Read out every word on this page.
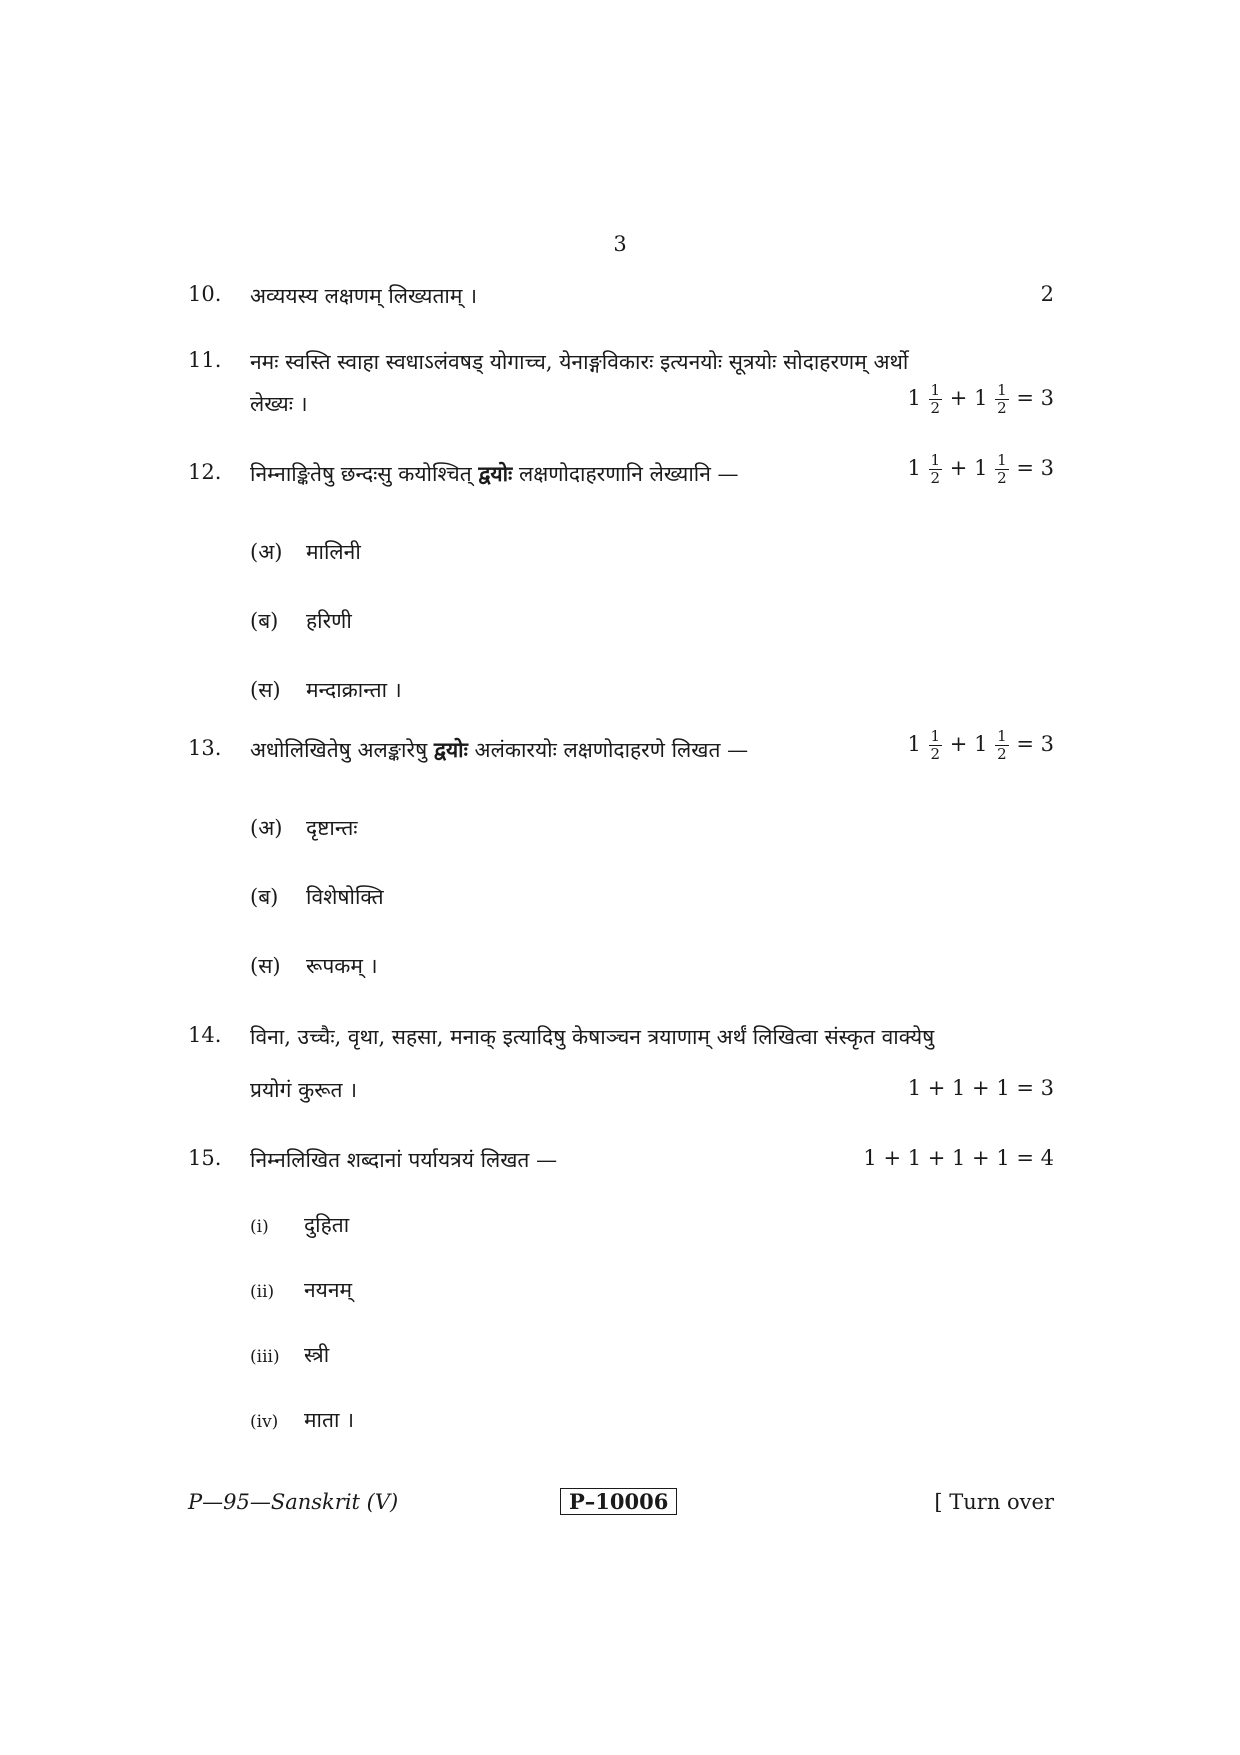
3
10. अव्ययस्य लक्षणम् लिख्यताम् ।	2
11. नमः स्वस्ति स्वाहा स्वधाऽलंवषड् योगाच्च, येनाङ्गविकारः इत्यनयोः सूत्रयोः सोदाहरणम् अर्थो
लेख्यः ।	$1 \frac{1}{2} + 1 \frac{1}{2} = 3$
12. निम्नाङ्कितेषु छन्दःसु कयोश्चित् द्वयोः लक्षणोदाहरणानि लेख्यानि —	$1 \frac{1}{2} + 1 \frac{1}{2} = 3$
(अ) मालिनी
(ब) हरिणी
(स) मन्दाक्रान्ता ।
13. अधोलिखितेषु अलङ्कारेषु द्वयोः अलंकारयोः लक्षणोदाहरणे लिखत —	$1 \frac{1}{2} + 1 \frac{1}{2} = 3$
(अ) दृष्टान्तः
(ब) विशेषोक्ति
(स) रूपकम् ।
14. विना, उच्चैः, वृथा, सहसा, मनाक् इत्यादिषु केषाञ्चन त्रयाणाम् अर्थं लिखित्वा संस्कृत वाक्येषु
प्रयोगं कुरूत ।	1 + 1 + 1 = 3
15. निम्नलिखित शब्दानां पर्यायत्रयं लिखत —	1 + 1 + 1 + 1 = 4
(i) दुहिता
(ii) नयनम्
(iii) स्त्री
(iv) माता ।
P—95—Sanskrit (V)	P–10006	[ Turn over
